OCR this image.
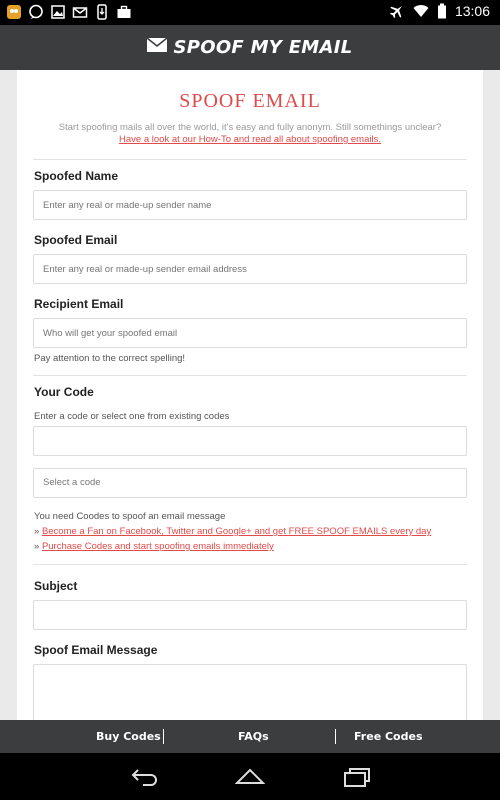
13:06
SPOOF MY EMAIL
SPOOF EMAIL
Start spoofing mails all over the world, it's easy and fully anonym. Still somethings unclear?
Have a look at our How-To and read all about spoofing emails.
Spoofed Name
Enter any real or made-up sender name
Spoofed Email
Enter any real or made-up sender email address
Recipient Email
Who will get your spoofed email
Pay attention to the correct spelling!
Your Code
Enter a code or select one from existing codes
Select a code
You need Coodes to spoof an email message
» Become a Fan on Facebook, Twitter and Google+ and get FREE SPOOF EMAILS every day
» Purchase Codes and start spoofing emails immediately
Subject
Spoof Email Message
Buy Codes	FAQs	Free Codes
